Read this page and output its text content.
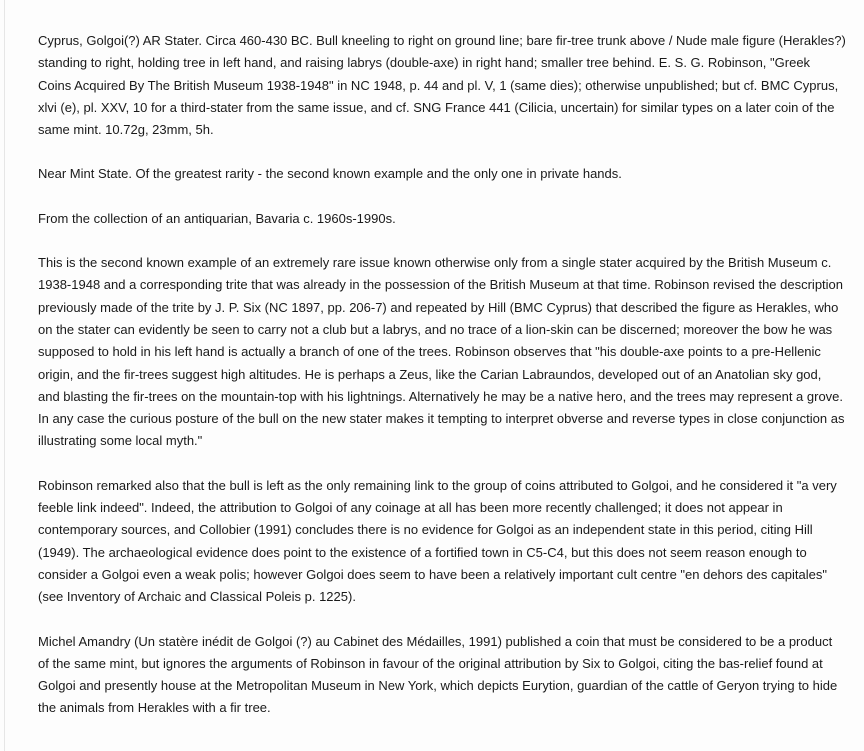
Cyprus, Golgoi(?) AR Stater. Circa 460-430 BC. Bull kneeling to right on ground line; bare fir-tree trunk above / Nude male figure (Herakles?) standing to right, holding tree in left hand, and raising labrys (double-axe) in right hand; smaller tree behind. E. S. G. Robinson, "Greek Coins Acquired By The British Museum 1938-1948" in NC 1948, p. 44 and pl. V, 1 (same dies); otherwise unpublished; but cf. BMC Cyprus, xlvi (e), pl. XXV, 10 for a third-stater from the same issue, and cf. SNG France 441 (Cilicia, uncertain) for similar types on a later coin of the same mint. 10.72g, 23mm, 5h.

Near Mint State. Of the greatest rarity - the second known example and the only one in private hands.

From the collection of an antiquarian, Bavaria c. 1960s-1990s.

This is the second known example of an extremely rare issue known otherwise only from a single stater acquired by the British Museum c. 1938-1948 and a corresponding trite that was already in the possession of the British Museum at that time. Robinson revised the description previously made of the trite by J. P. Six (NC 1897, pp. 206-7) and repeated by Hill (BMC Cyprus) that described the figure as Herakles, who on the stater can evidently be seen to carry not a club but a labrys, and no trace of a lion-skin can be discerned; moreover the bow he was supposed to hold in his left hand is actually a branch of one of the trees. Robinson observes that "his double-axe points to a pre-Hellenic origin, and the fir-trees suggest high altitudes. He is perhaps a Zeus, like the Carian Labraundos, developed out of an Anatolian sky god, and blasting the fir-trees on the mountain-top with his lightnings. Alternatively he may be a native hero, and the trees may represent a grove. In any case the curious posture of the bull on the new stater makes it tempting to interpret obverse and reverse types in close conjunction as illustrating some local myth."

Robinson remarked also that the bull is left as the only remaining link to the group of coins attributed to Golgoi, and he considered it "a very feeble link indeed". Indeed, the attribution to Golgoi of any coinage at all has been more recently challenged; it does not appear in contemporary sources, and Collobier (1991) concludes there is no evidence for Golgoi as an independent state in this period, citing Hill (1949). The archaeological evidence does point to the existence of a fortified town in C5-C4, but this does not seem reason enough to consider a Golgoi even a weak polis; however Golgoi does seem to have been a relatively important cult centre "en dehors des capitales" (see Inventory of Archaic and Classical Poleis p. 1225).

Michel Amandry (Un statère inédit de Golgoi (?) au Cabinet des Médailles, 1991) published a coin that must be considered to be a product of the same mint, but ignores the arguments of Robinson in favour of the original attribution by Six to Golgoi, citing the bas-relief found at Golgoi and presently house at the Metropolitan Museum in New York, which depicts Eurytion, guardian of the cattle of Geryon trying to hide the animals from Herakles with a fir tree.
